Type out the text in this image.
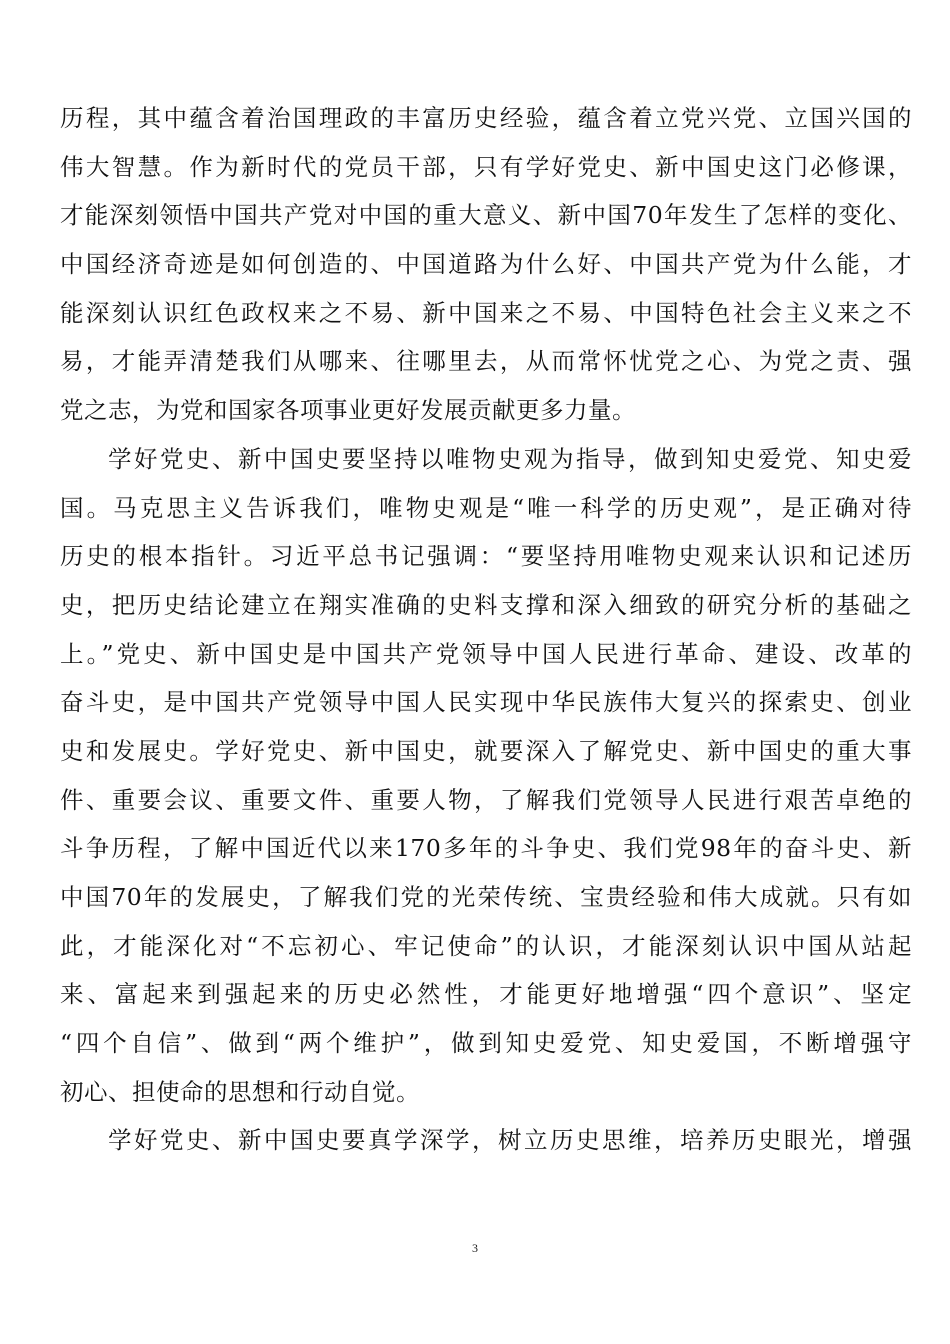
历程，其中蕴含着治国理政的丰富历史经验，蕴含着立党兴党、立国兴国的
伟大智慧。作为新时代的党员干部，只有学好党史、新中国史这门必修课，
才能深刻领悟中国共产党对中国的重大意义、新中国70年发生了怎样的变化、
中国经济奇迹是如何创造的、中国道路为什么好、中国共产党为什么能，才
能深刻认识红色政权来之不易、新中国来之不易、中国特色社会主义来之不
易，才能弄清楚我们从哪来、往哪里去，从而常怀忧党之心、为党之责、强
党之志，为党和国家各项事业更好发展贡献更多力量。
学好党史、新中国史要坚持以唯物史观为指导，做到知史爱党、知史爱
国。马克思主义告诉我们，唯物史观是“唯一科学的历史观”，是正确对待
历史的根本指针。习近平总书记强调：“要坚持用唯物史观来认识和记述历
史，把历史结论建立在翔实准确的史料支撑和深入细致的研究分析的基础之
上。”党史、新中国史是中国共产党领导中国人民进行革命、建设、改革的
奋斗史，是中国共产党领导中国人民实现中华民族伟大复兴的探索史、创业
史和发展史。学好党史、新中国史，就要深入了解党史、新中国史的重大事
件、重要会议、重要文件、重要人物，了解我们党领导人民进行艰苦卓绝的
斗争历程，了解中国近代以来170多年的斗争史、我们党98年的奋斗史、新
中国70年的发展史，了解我们党的光荣传统、宝贵经验和伟大成就。只有如
此，才能深化对“不忘初心、牢记使命”的认识，才能深刻认识中国从站起
来、富起来到强起来的历史必然性，才能更好地增强“四个意识”、坚定
“四个自信”、做到“两个维护”，做到知史爱党、知史爱国，不断增强守
初心、担使命的思想和行动自觉。
学好党史、新中国史要真学深学，树立历史思维，培养历史眼光，增强
3
